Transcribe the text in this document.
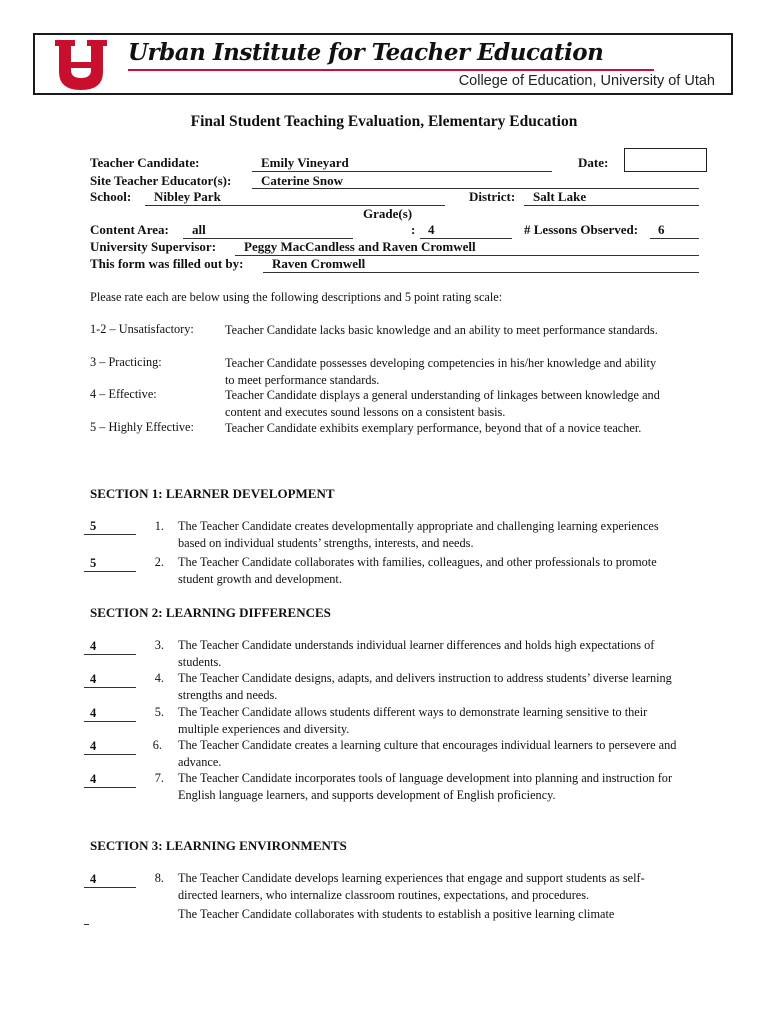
Urban Institute for Teacher Education
College of Education, University of Utah
Final Student Teaching Evaluation, Elementary Education
Teacher Candidate:	Emily Vineyard	Date:
Site Teacher Educator(s): Caterine Snow
School: Nibley Park	District: Salt Lake
Grade(s)
Content Area: all	: 4	# Lessons Observed: 6
University Supervisor: Peggy MacCandless and Raven Cromwell
This form was filled out by: Raven Cromwell
Please rate each are below using the following descriptions and 5 point rating scale:
1-2 – Unsatisfactory:	Teacher Candidate lacks basic knowledge and an ability to meet performance standards.
3 – Practicing:	Teacher Candidate possesses developing competencies in his/her knowledge and ability to meet performance standards.
4 – Effective:	Teacher Candidate displays a general understanding of linkages between knowledge and content and executes sound lessons on a consistent basis.
5 – Highly Effective:	Teacher Candidate exhibits exemplary performance, beyond that of a novice teacher.
SECTION 1: LEARNER DEVELOPMENT
5	1. The Teacher Candidate creates developmentally appropriate and challenging learning experiences based on individual students’ strengths, interests, and needs.
5	2. The Teacher Candidate collaborates with families, colleagues, and other professionals to promote student growth and development.
SECTION 2: LEARNING DIFFERENCES
4	3. The Teacher Candidate understands individual learner differences and holds high expectations of students.
4	4. The Teacher Candidate designs, adapts, and delivers instruction to address students’ diverse learning strengths and needs.
4	5. The Teacher Candidate allows students different ways to demonstrate learning sensitive to their multiple experiences and diversity.
4	6. The Teacher Candidate creates a learning culture that encourages individual learners to persevere and advance.
4	7. The Teacher Candidate incorporates tools of language development into planning and instruction for English language learners, and supports development of English proficiency.
SECTION 3: LEARNING ENVIRONMENTS
4	8. The Teacher Candidate develops learning experiences that engage and support students as self-directed learners, who internalize classroom routines, expectations, and procedures.
The Teacher Candidate collaborates with students to establish a positive learning climate
